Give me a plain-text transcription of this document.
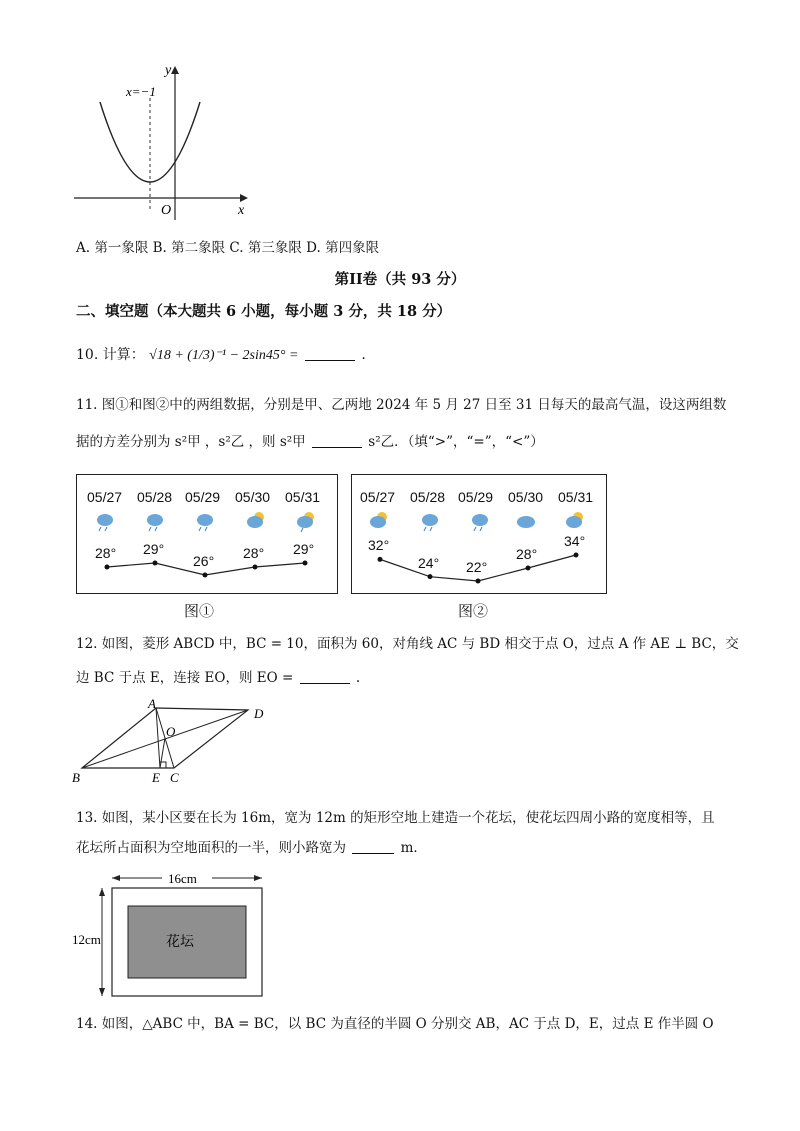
x=−1
y
x
O
A. 第一象限 B. 第二象限 C. 第三象限 D. 第四象限
第II卷（共 93 分）
二、填空题（本大题共 6 小题，每小题 3 分，共 18 分）
10. 计算： √18 + (1/3)⁻¹ − 2sin45° =	.
11. 图①和图②中的两组数据，分别是甲、乙两地 2024 年 5 月 27 日至 31 日每天的最高气温，设这两组数
据的方差分别为 s²甲 ，s²乙 ，则 s²甲	s²乙．（填“>”，“=”，“<”）
05/27 05/28 05/29 05/30 05/31
28° 29°
26° 28° 29°
图①
05/27 05/28 05/29 05/30 05/31
32°
24° 22°
28°
34°
图②
12. 如图，菱形 ABCD 中，BC = 10，面积为 60，对角线 AC 与 BD 相交于点 O，过点 A 作 AE ⊥ BC，交
边 BC 于点 E，连接 EO，则 EO =	.
A
B	C
D
E
O
13. 如图，某小区要在长为 16m，宽为 12m 的矩形空地上建造一个花坛，使花坛四周小路的宽度相等，且
花坛所占面积为空地面积的一半，则小路宽为	m．
16cm
12cm	花坛
14. 如图，△ABC 中，BA = BC，以 BC 为直径的半圆 O 分别交 AB，AC 于点 D，E，过点 E 作半圆 O
